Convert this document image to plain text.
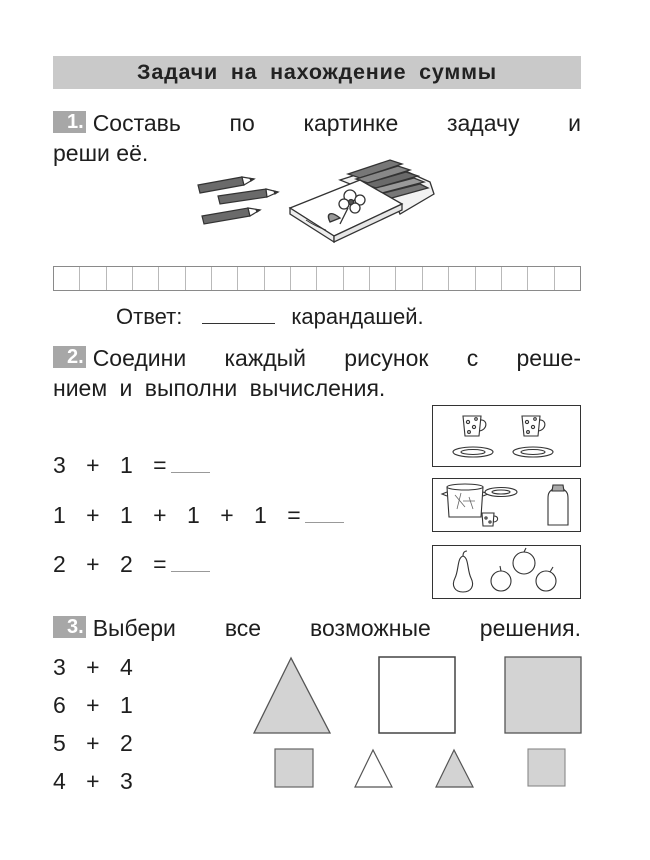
Задачи на нахождение суммы
1. Составь по картинке задачу и
реши её.
Ответ:	карандашей.
2. Соедини каждый рисунок с реше-
нием и выполни вычисления.
3 + 1 =
1 + 1 + 1 + 1 =
2 + 2 =
3. Выбери все возможные решения.
3 + 4
6 + 1
5 + 2
4 + 3
